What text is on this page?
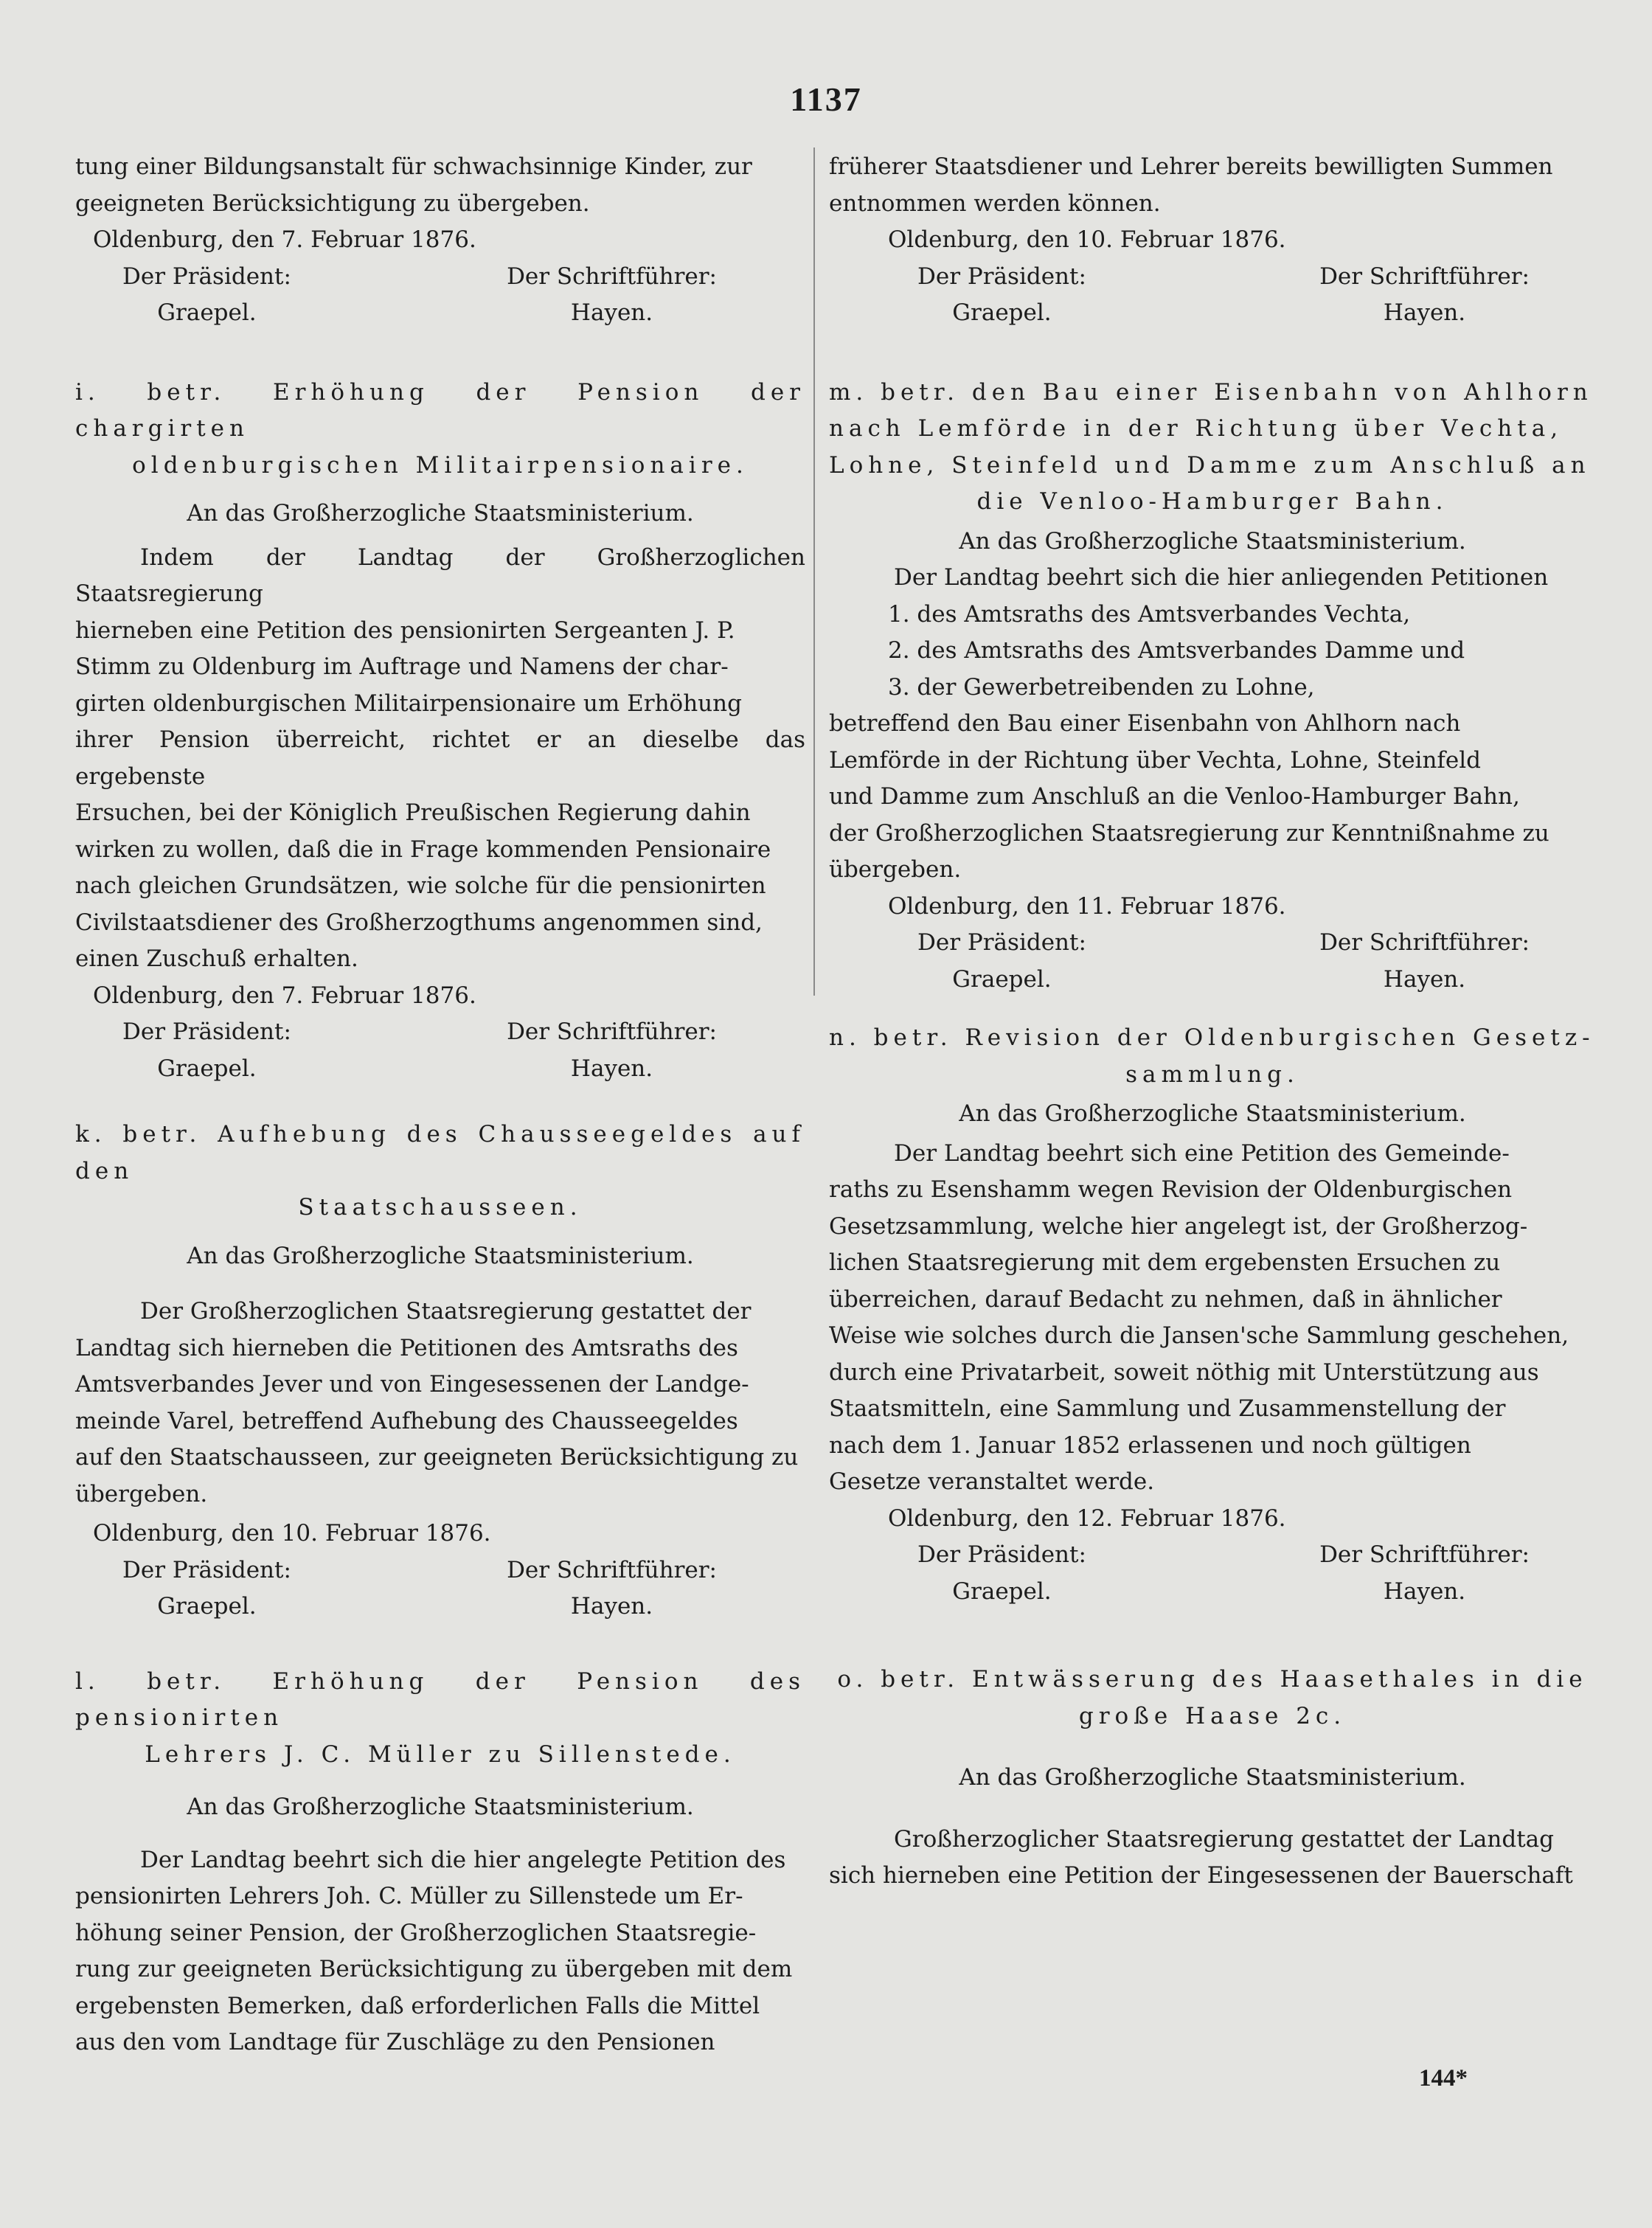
1137

tung einer Bildungsanstalt für schwachsinnige Kinder, zur

geeigneten Berücksichtigung zu übergeben.

Oldenburg, den 7. Februar 1876.

Der Präsident:
Graepel.
Der Schriftführer:
Hayen.

i. betr. Erhöhung der Pension der chargirten

oldenburgischen Militairpensionaire.

An das Großherzogliche Staatsministerium.

Indem der Landtag der Großherzoglichen Staatsregierung

hierneben eine Petition des pensionirten Sergeanten J. P.

Stimm zu Oldenburg im Auftrage und Namens der char-

girten oldenburgischen Militairpensionaire um Erhöhung

ihrer Pension überreicht, richtet er an dieselbe das ergebenste

Ersuchen, bei der Königlich Preußischen Regierung dahin

wirken zu wollen, daß die in Frage kommenden Pensionaire

nach gleichen Grundsätzen, wie solche für die pensionirten

Civilstaatsdiener des Großherzogthums angenommen sind,

einen Zuschuß erhalten.

Oldenburg, den 7. Februar 1876.

Der Präsident:
Graepel.
Der Schriftführer:
Hayen.

k. betr. Aufhebung des Chausseegeldes auf den

Staatschausseen.

An das Großherzogliche Staatsministerium.

Der Großherzoglichen Staatsregierung gestattet der

Landtag sich hierneben die Petitionen des Amtsraths des

Amtsverbandes Jever und von Eingesessenen der Landge-

meinde Varel, betreffend Aufhebung des Chausseegeldes

auf den Staatschausseen, zur geeigneten Berücksichtigung zu

übergeben.

Oldenburg, den 10. Februar 1876.

Der Präsident:
Graepel.
Der Schriftführer:
Hayen.

l. betr. Erhöhung der Pension des pensionirten

Lehrers J. C. Müller zu Sillenstede.

An das Großherzogliche Staatsministerium.

Der Landtag beehrt sich die hier angelegte Petition des

pensionirten Lehrers Joh. C. Müller zu Sillenstede um Er-

höhung seiner Pension, der Großherzoglichen Staatsregie-

rung zur geeigneten Berücksichtigung zu übergeben mit dem

ergebensten Bemerken, daß erforderlichen Falls die Mittel

aus den vom Landtage für Zuschläge zu den Pensionen

früherer Staatsdiener und Lehrer bereits bewilligten Summen

entnommen werden können.

Oldenburg, den 10. Februar 1876.

Der Präsident:
Graepel.
Der Schriftführer:
Hayen.

m. betr. den Bau einer Eisenbahn von Ahlhorn

nach Lemförde in der Richtung über Vechta,

Lohne, Steinfeld und Damme zum Anschluß an

die Venloo-Hamburger Bahn.

An das Großherzogliche Staatsministerium.

Der Landtag beehrt sich die hier anliegenden Petitionen

1. des Amtsraths des Amtsverbandes Vechta,

2. des Amtsraths des Amtsverbandes Damme und

3. der Gewerbetreibenden zu Lohne,

betreffend den Bau einer Eisenbahn von Ahlhorn nach

Lemförde in der Richtung über Vechta, Lohne, Steinfeld

und Damme zum Anschluß an die Venloo-Hamburger Bahn,

der Großherzoglichen Staatsregierung zur Kenntnißnahme zu

übergeben.

Oldenburg, den 11. Februar 1876.

Der Präsident:
Graepel.
Der Schriftführer:
Hayen.

n. betr. Revision der Oldenburgischen Gesetz-

sammlung.

An das Großherzogliche Staatsministerium.

Der Landtag beehrt sich eine Petition des Gemeinde-

raths zu Esenshamm wegen Revision der Oldenburgischen

Gesetzsammlung, welche hier angelegt ist, der Großherzog-

lichen Staatsregierung mit dem ergebensten Ersuchen zu

überreichen, darauf Bedacht zu nehmen, daß in ähnlicher

Weise wie solches durch die Jansen'sche Sammlung geschehen,

durch eine Privatarbeit, soweit nöthig mit Unterstützung aus

Staatsmitteln, eine Sammlung und Zusammenstellung der

nach dem 1. Januar 1852 erlassenen und noch gültigen

Gesetze veranstaltet werde.

Oldenburg, den 12. Februar 1876.

Der Präsident:
Graepel.
Der Schriftführer:
Hayen.

o. betr. Entwässerung des Haasethales in die

große Haase 2c.

An das Großherzogliche Staatsministerium.

Großherzoglicher Staatsregierung gestattet der Landtag

sich hierneben eine Petition der Eingesessenen der Bauerschaft

144*
